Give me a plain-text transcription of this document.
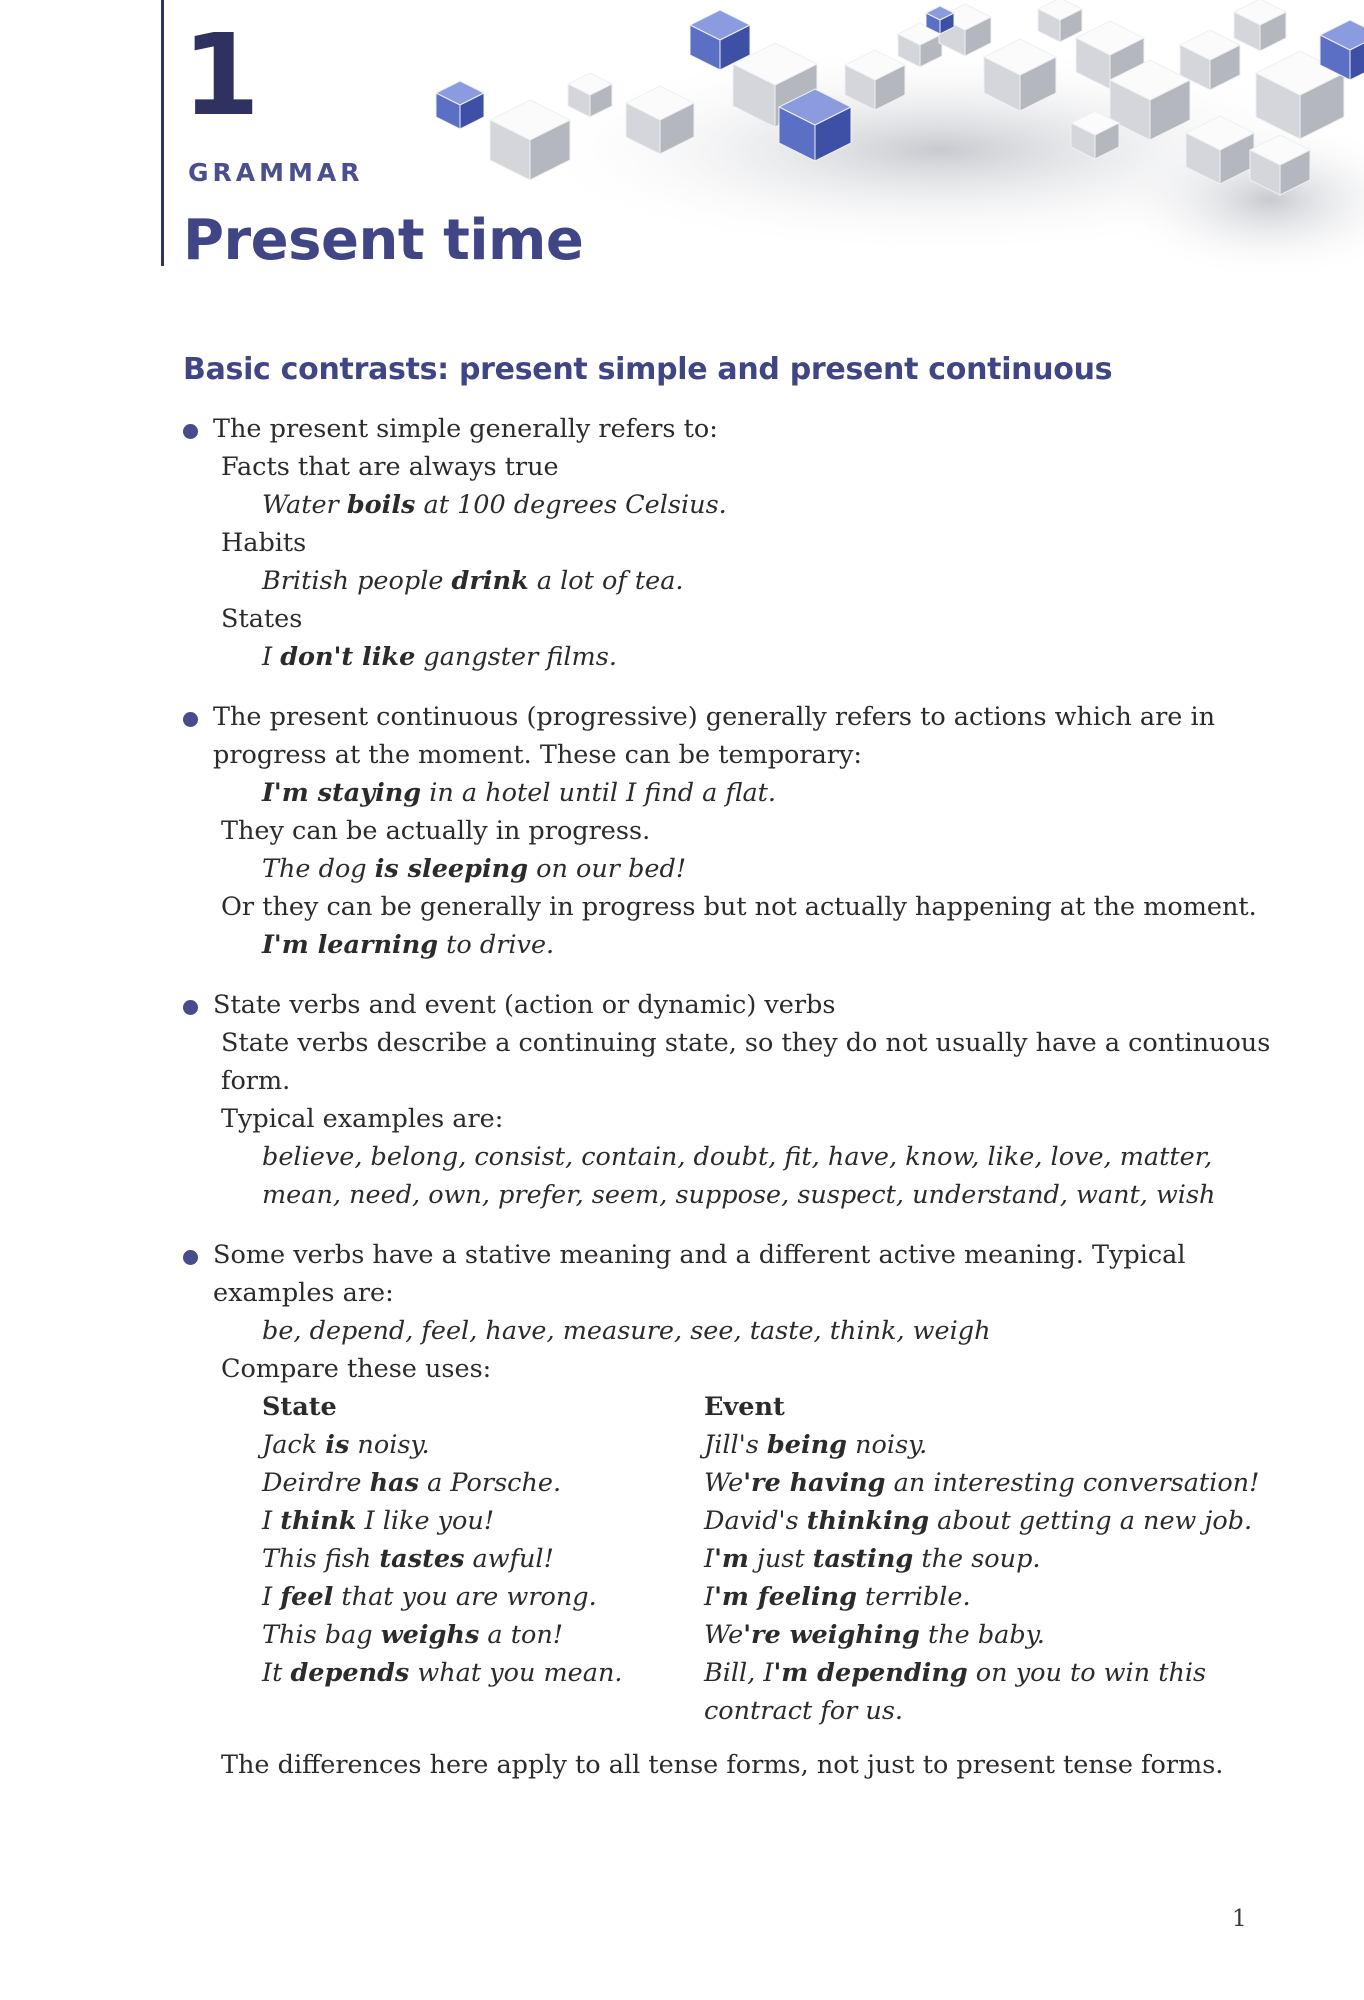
1
GRAMMAR
Present time
Basic contrasts: present simple and present continuous
The present simple generally refers to:
Facts that are always true
Water boils at 100 degrees Celsius.
Habits
British people drink a lot of tea.
States
I don't like gangster films.
The present continuous (progressive) generally refers to actions which are in progress at the moment. These can be temporary:
I'm staying in a hotel until I find a flat.
They can be actually in progress.
The dog is sleeping on our bed!
Or they can be generally in progress but not actually happening at the moment.
I'm learning to drive.
State verbs and event (action or dynamic) verbs
State verbs describe a continuing state, so they do not usually have a continuous form.
Typical examples are:
believe, belong, consist, contain, doubt, fit, have, know, like, love, matter, mean, need, own, prefer, seem, suppose, suspect, understand, want, wish
Some verbs have a stative meaning and a different active meaning. Typical examples are:
be, depend, feel, have, measure, see, taste, think, weigh
Compare these uses:
State	Event
Jack is noisy.	Jill's being noisy.
Deirdre has a Porsche.	We're having an interesting conversation!
I think I like you!	David's thinking about getting a new job.
This fish tastes awful!	I'm just tasting the soup.
I feel that you are wrong.	I'm feeling terrible.
This bag weighs a ton!	We're weighing the baby.
It depends what you mean.	Bill, I'm depending on you to win this contract for us.
The differences here apply to all tense forms, not just to present tense forms.
1
